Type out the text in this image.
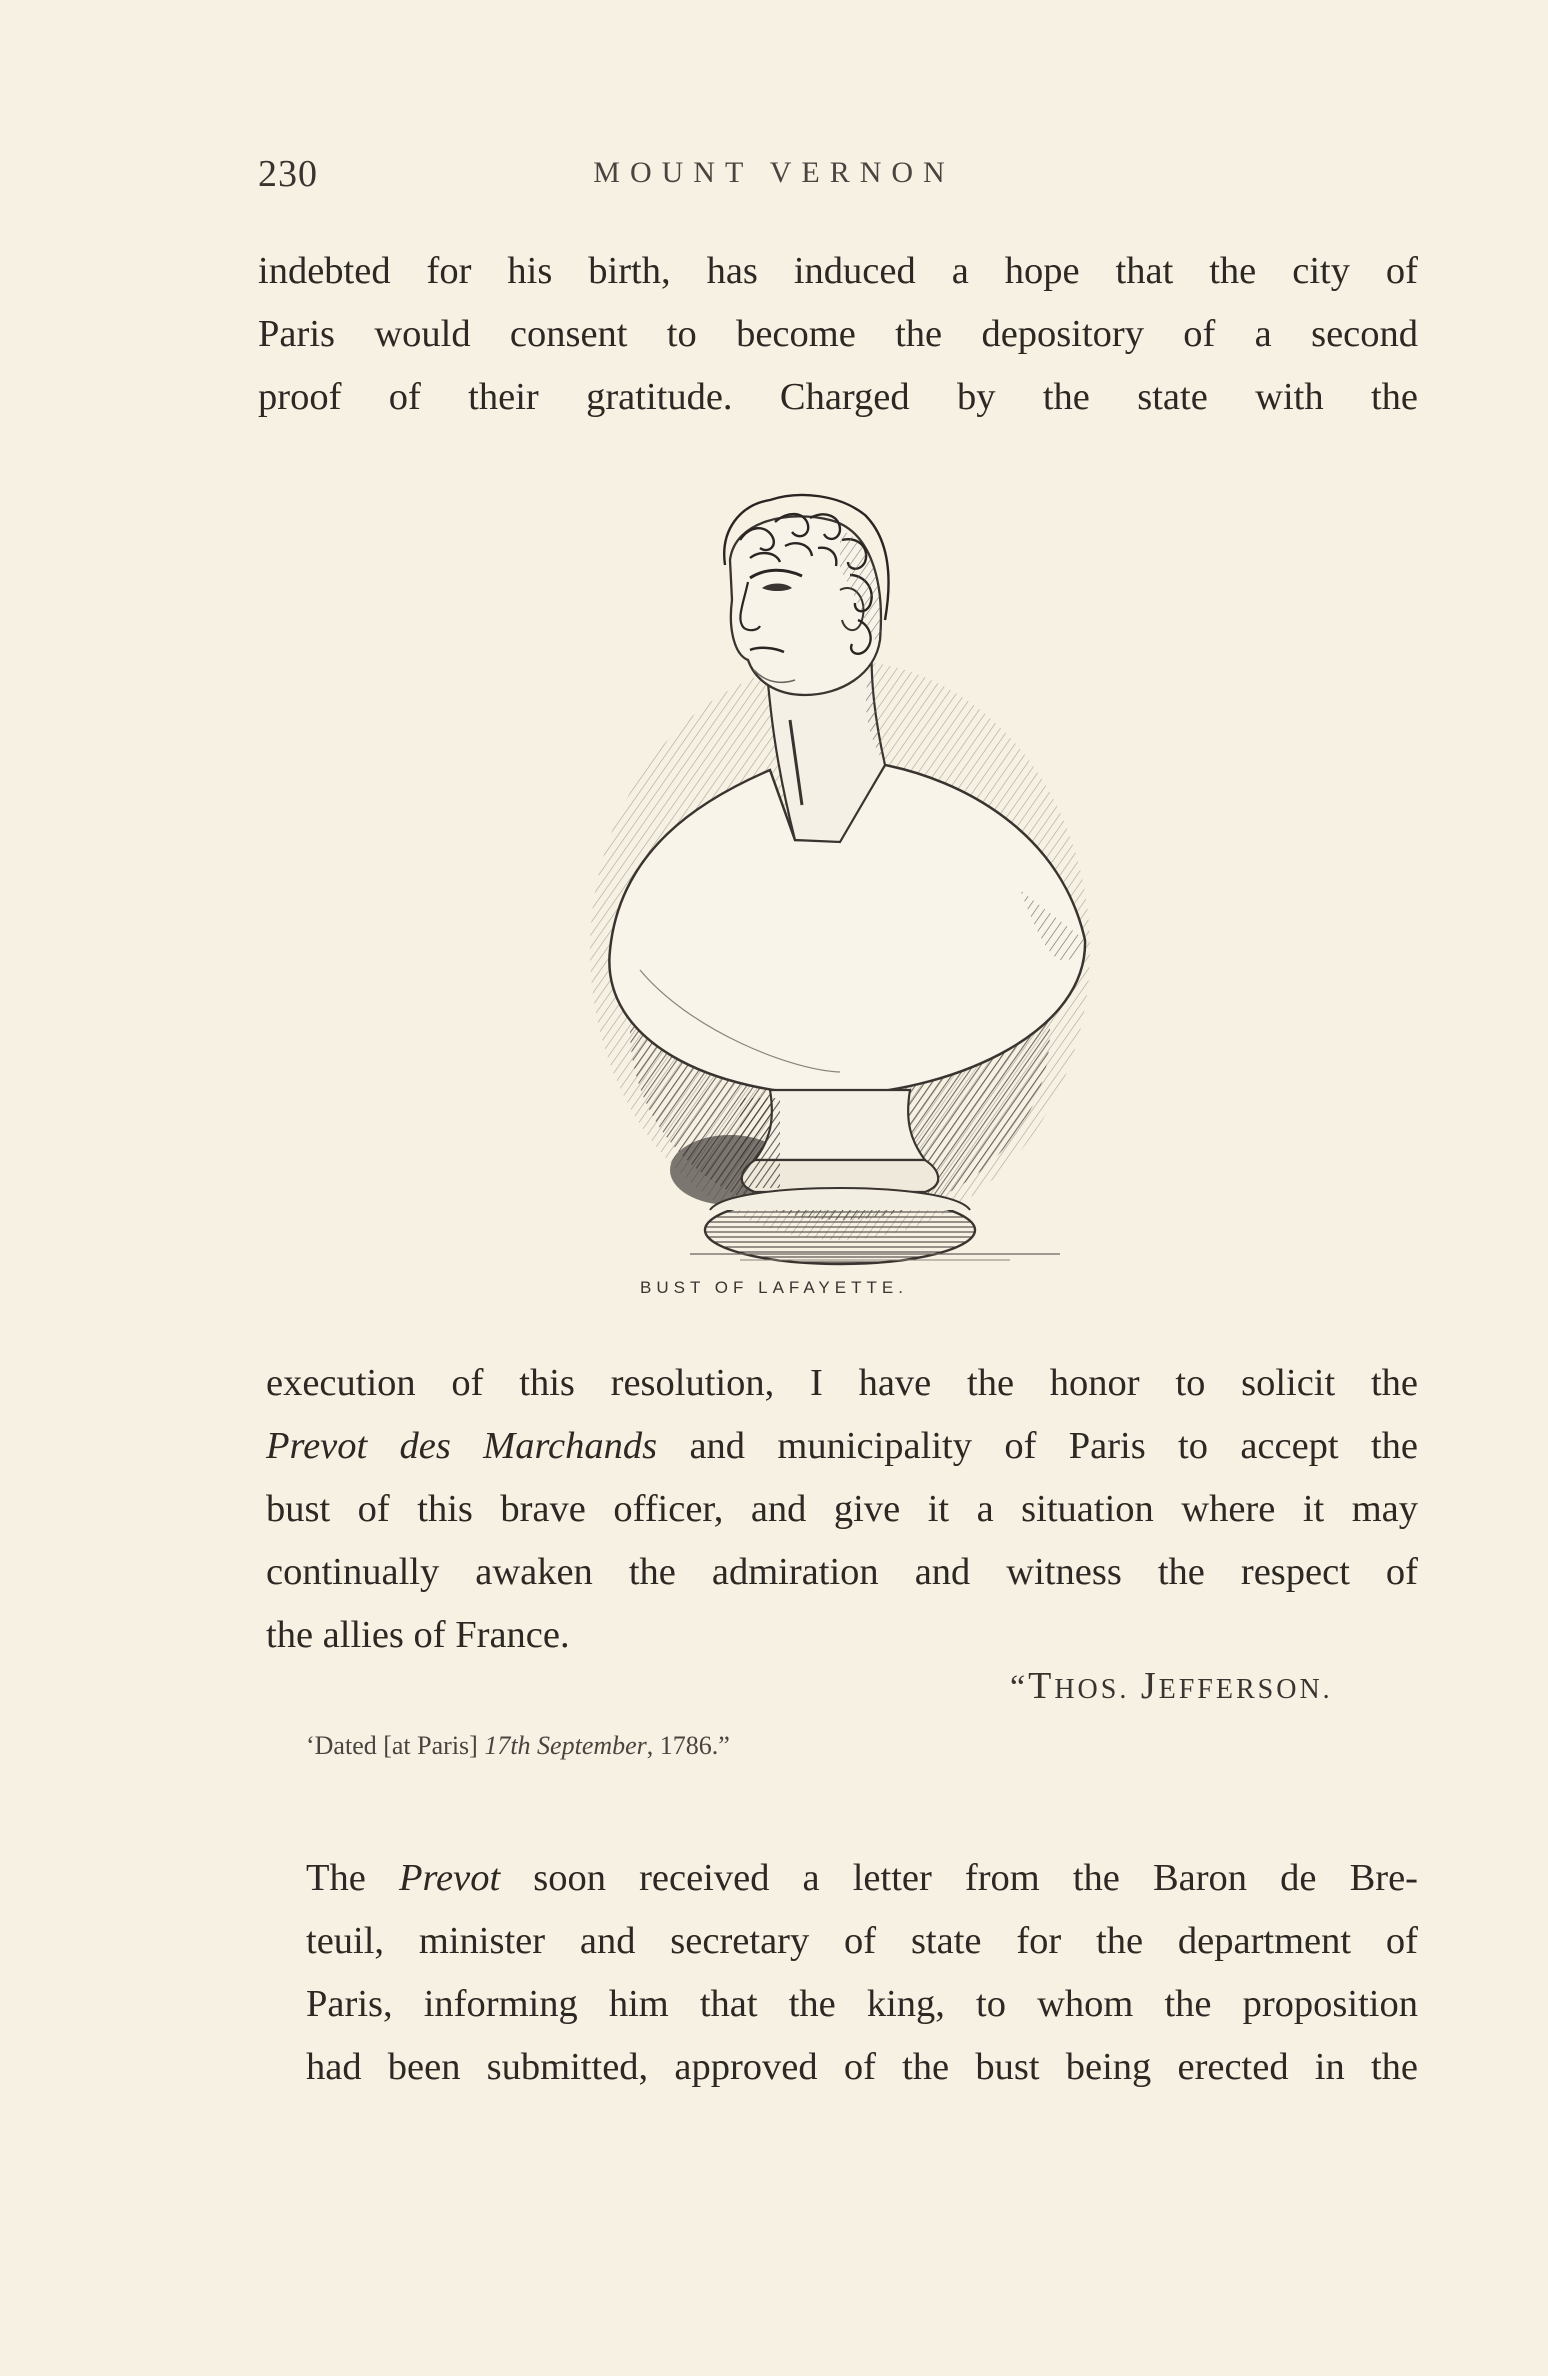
230	MOUNT VERNON
indebted for his birth, has induced a hope that the city of
Paris would consent to become the depository of a second
proof of their gratitude. Charged by the state with the
BUST OF LAFAYETTE.
execution of this resolution, I have the honor to solicit the
Prevot des Marchands and municipality of Paris to accept the
bust of this brave officer, and give it a situation where it may
continually awaken the admiration and witness the respect of
the allies of France.
“THOS. JEFFERSON.
‘Dated [at Paris] 17th September, 1786.”
The Prevot soon received a letter from the Baron de Bre-
teuil, minister and secretary of state for the department of
Paris, informing him that the king, to whom the proposition
had been submitted, approved of the bust being erected in the
